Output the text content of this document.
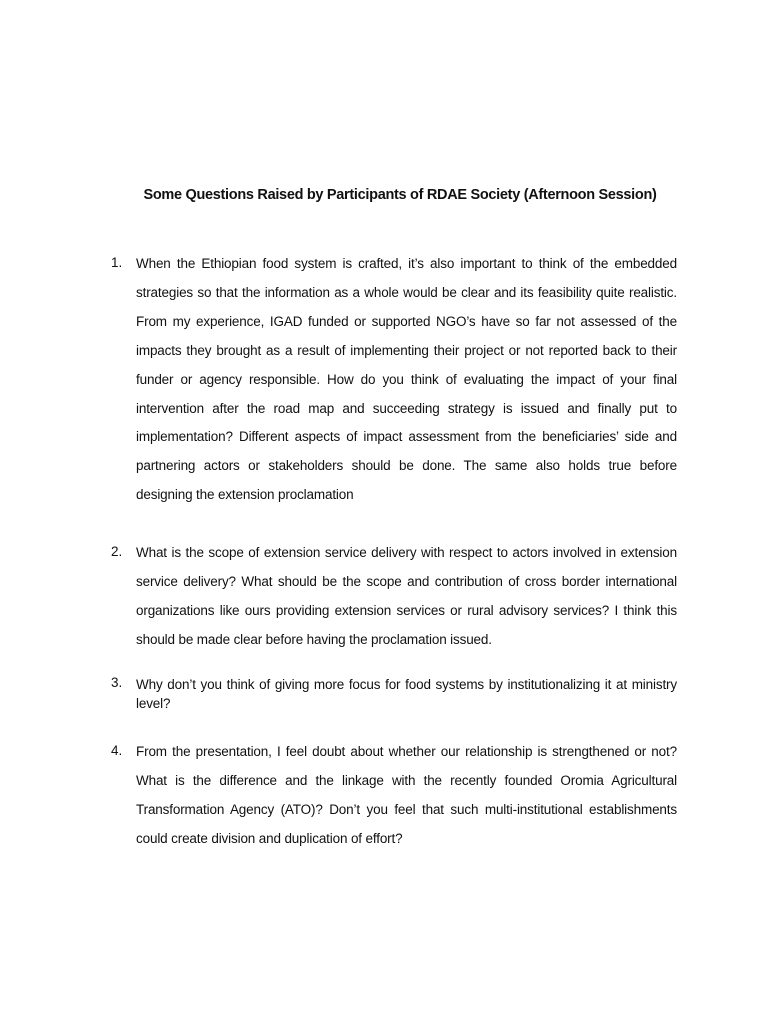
Some Questions Raised by Participants of RDAE Society (Afternoon Session)
1.	When the Ethiopian food system is crafted, it’s also important to think of the embedded strategies so that the information as a whole would be clear and its feasibility quite realistic. From my experience, IGAD funded or supported NGO’s have so far not assessed of the impacts they brought as a result of implementing their project or not reported back to their funder or agency responsible. How do you think of evaluating the impact of your final intervention after the road map and succeeding strategy is issued and finally put to implementation? Different aspects of impact assessment from the beneficiaries’ side and partnering actors or stakeholders should be done. The same also holds true before designing the extension proclamation
2.	What is the scope of extension service delivery with respect to actors involved in extension service delivery? What should be the scope and contribution of cross border international organizations like ours providing extension services or rural advisory services? I think this should be made clear before having the proclamation issued.
3.	Why don’t you think of giving more focus for food systems by institutionalizing it at ministry level?
4.	From the presentation, I feel doubt about whether our relationship is strengthened or not? What is the difference and the linkage with the recently founded Oromia Agricultural Transformation Agency (ATO)? Don’t you feel that such multi-institutional establishments could create division and duplication of effort?
